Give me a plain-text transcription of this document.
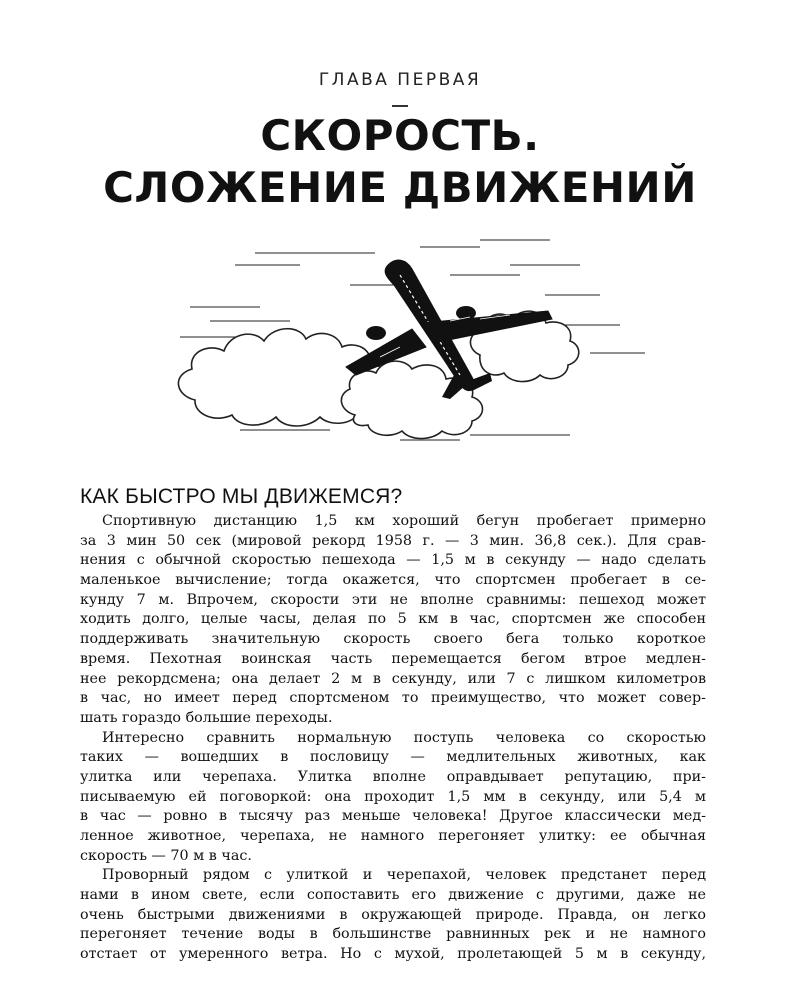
ГЛАВА ПЕРВАЯ
СКОРОСТЬ.
СЛОЖЕНИЕ ДВИЖЕНИЙ
КАК БЫСТРО МЫ ДВИЖЕМСЯ?
Спортивную дистанцию 1,5 км хороший бегун пробегает примерно
за 3 мин 50 сек (мировой рекорд 1958 г. — 3 мин. 36,8 сек.). Для срав-
нения с обычной скоростью пешехода — 1,5 м в секунду — надо сделать
маленькое вычисление; тогда окажется, что спортсмен пробегает в се-
кунду 7 м. Впрочем, скорости эти не вполне сравнимы: пешеход может
ходить долго, целые часы, делая по 5 км в час, спортсмен же способен
поддерживать значительную скорость своего бега только короткое
время. Пехотная воинская часть перемещается бегом втрое медлен-
нее рекордсмена; она делает 2 м в секунду, или 7 с лишком километров
в час, но имеет перед спортсменом то преимущество, что может совер-
шать гораздо большие переходы.
Интересно сравнить нормальную поступь человека со скоростью
таких — вошедших в пословицу — медлительных животных, как
улитка или черепаха. Улитка вполне оправдывает репутацию, при-
писываемую ей поговоркой: она проходит 1,5 мм в секунду, или 5,4 м
в час — ровно в тысячу раз меньше человека! Другое классически мед-
ленное животное, черепаха, не намного перегоняет улитку: ее обычная
скорость — 70 м в час.
Проворный рядом с улиткой и черепахой, человек предстанет перед
нами в ином свете, если сопоставить его движение с другими, даже не
очень быстрыми движениями в окружающей природе. Правда, он легко
перегоняет течение воды в большинстве равнинных рек и не намного
отстает от умеренного ветра. Но с мухой, пролетающей 5 м в секунду,
